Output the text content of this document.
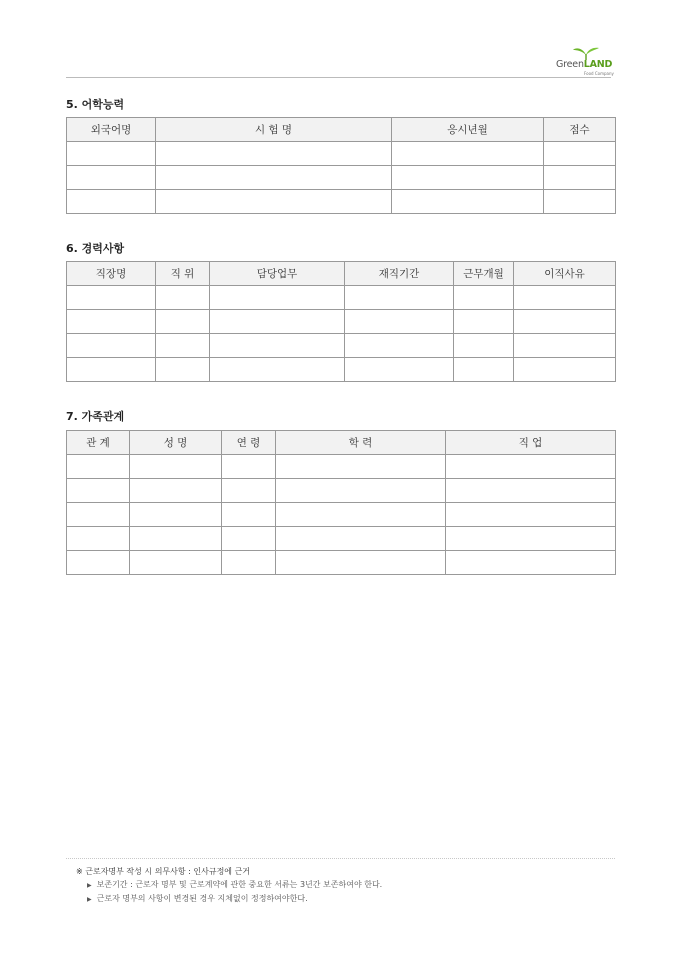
GreenLAND
Food Company
5. 어학능력
외국어명	시 험 명	응시년월	점수

6. 경력사항
직장명	직 위	담당업무	재직기간	근무개월	이직사유

7. 가족관계
관 계	성 명	연 령	학 력	직 업

※ 근로자명부 작성 시 의무사항 : 인사규정에 근거
▶ 보존기간 : 근로자 명부 및 근로계약에 관한 중요한 서류는 3년간 보존하여야 한다.
▶ 근로자 명부의 사항이 변경된 경우 지체없이 정정하여야한다.
